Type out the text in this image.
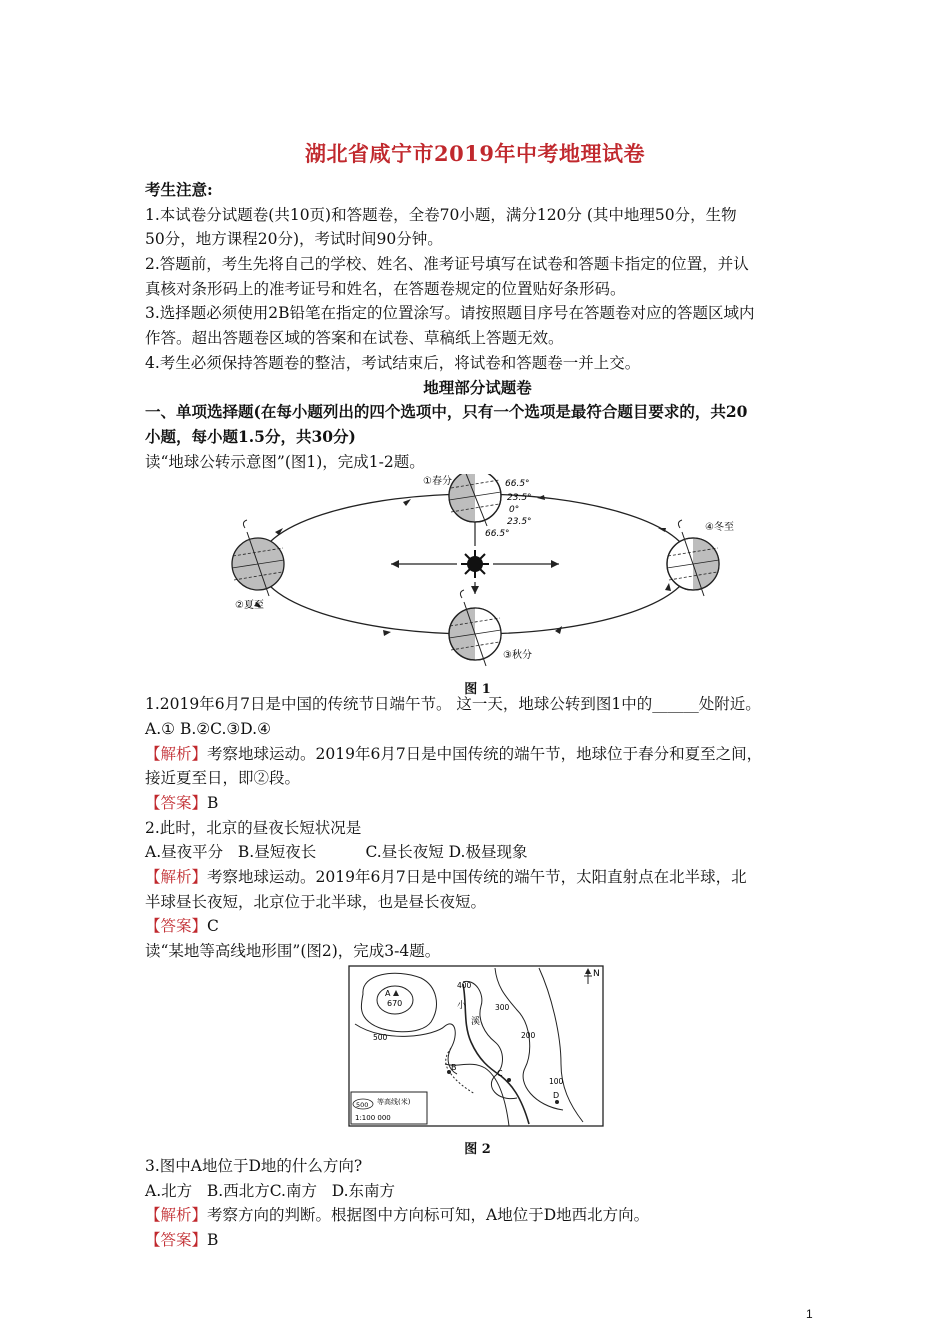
湖北省咸宁市2019年中考地理试卷
考生注意:
1.本试卷分试题卷(共10页)和答题卷，全卷70小题，满分120分 (其中地理50分，生物
50分，地方课程20分)，考试时间90分钟。
2.答题前，考生先将自己的学校、姓名、准考证号填写在试卷和答题卡指定的位置，并认
真核对条形码上的准考证号和姓名，在答题卷规定的位置贴好条形码。
3.选择题必须使用2B铅笔在指定的位置涂写。请按照题目序号在答题卷对应的答题区域内
作答。超出答题卷区域的答案和在试卷、草稿纸上答题无效。
4.考生必须保持答题卷的整洁，考试结束后，将试卷和答题卷一并上交。
地理部分试题卷
一、单项选择题(在每小题列出的四个选项中，只有一个选项是最符合题目要求的，共20
小题，每小题1.5分，共30分)
读“地球公转示意图”(图1)，完成1-2题。
①春分	66.5°
23.5°
0°
23.5°
66.5°
②夏至
④冬至
③秋分
图 1
1.2019年6月7日是中国的传统节日端午节。 这一天，地球公转到图1中的______处附近。
A.① B.②C.③D.④
【解析】考察地球运动。2019年6月7日是中国传统的端午节，地球位于春分和夏至之间，
接近夏至日，即②段。
【答案】B
2.此时，北京的昼夜长短状况是
A.昼夜平分   B.昼短夜长          C.昼长夜短 D.极昼现象
【解析】考察地球运动。2019年6月7日是中国传统的端午节，太阳直射点在北半球，北
半球昼长夜短，北京位于北半球，也是昼长夜短。
【答案】C
读“某地等高线地形围”(图2)，完成3-4题。
N
A
670
500
400
300
200
100
小
溪
B
C
D
500 等高线(米)
1:100 000
图 2
3.图中A地位于D地的什么方向?
A.北方   B.西北方C.南方   D.东南方
【解析】考察方向的判断。根据图中方向标可知，A地位于D地西北方向。
【答案】B
1
